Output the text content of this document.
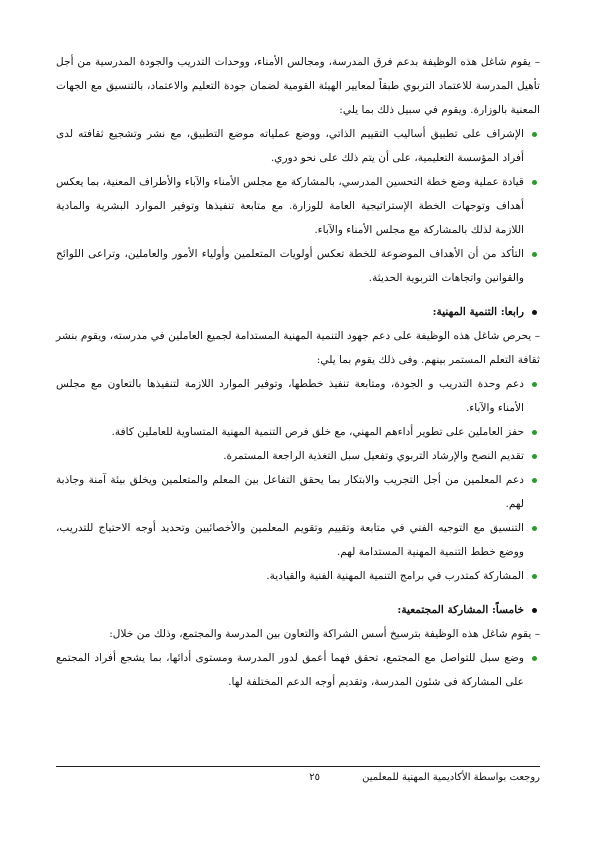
– يقوم شاغل هذه الوظيفة بدعم فرق المدرسة، ومجالس الأمناء، ووحدات التدريب والجودة المدرسية من أجل تأهيل المدرسة للاعتماد التربوي طبقاً لمعايير الهيئة القومية لضمان جودة التعليم والاعتماد، بالتنسيق مع الجهات المعنية بالوزارة. ويقوم في سبيل ذلك بما يلي:

الإشراف على تطبيق أساليب التقييم الذاتي، ووضع عملياته موضع التطبيق، مع نشر وتشجيع ثقافته لدى أفراد المؤسسة التعليمية، على أن يتم ذلك على نحو دوري.
قيادة عملية وضع خطة التحسين المدرسي، بالمشاركة مع مجلس الأمناء والآباء والأطراف المعنية، بما يعكس أهداف وتوجهات الخطة الإستراتيجية العامة للوزارة. مع متابعة تنفيذها وتوفير الموارد البشرية والمادية اللازمة لذلك بالمشاركة مع مجلس الأمناء والآباء.
التأكد من أن الأهداف الموضوعة للخطة تعكس أولويات المتعلمين وأولياء الأمور والعاملين، وتراعى اللوائح والقوانين واتجاهات التربوية الحديثة.
رابعا: التنمية المهنية:

– يحرص شاغل هذه الوظيفة على دعم جهود التنمية المهنية المستدامة لجميع العاملين في مدرسته، ويقوم بنشر ثقافة التعلم المستمر بينهم. وفى ذلك يقوم بما يلي:

دعم وحدة التدريب و الجودة، ومتابعة تنفيذ خططها، وتوفير الموارد اللازمة لتنفيذها بالتعاون مع مجلس الأمناء والآباء.
حفز العاملين على تطوير أداءهم المهني، مع خلق فرص التنمية المهنية المتساوية للعاملين كافة.
تقديم النصح والإرشاد التربوي وتفعيل سبل التغذية الراجعة المستمرة.
دعم المعلمين من أجل التجريب والابتكار بما يحقق التفاعل بين المعلم والمتعلمين ويخلق بيئة آمنة وجاذبة لهم.
التنسيق مع التوجيه الفني في متابعة وتقييم وتقويم المعلمين والأخصائيين وتحديد أوجه الاحتياج للتدريب، ووضع خطط التنمية المهنية المستدامة لهم.
المشاركة كمتدرب في برامج التنمية المهنية الفنية والقيادية.
خامساً: المشاركة المجتمعية:

– يقوم شاغل هذه الوظيفة بترسيخ أسس الشراكة والتعاون بين المدرسة والمجتمع، وذلك من خلال:

وضع سبل للتواصل مع المجتمع، تحقق فهما أعمق لدور المدرسة ومستوى أدائها، بما يشجع أفراد المجتمع على المشاركة فى شئون المدرسة، وتقديم أوجه الدعم المختلفة لها.
روجعت بواسطة الأكاديمية المهنية للمعلمين
٢٥
